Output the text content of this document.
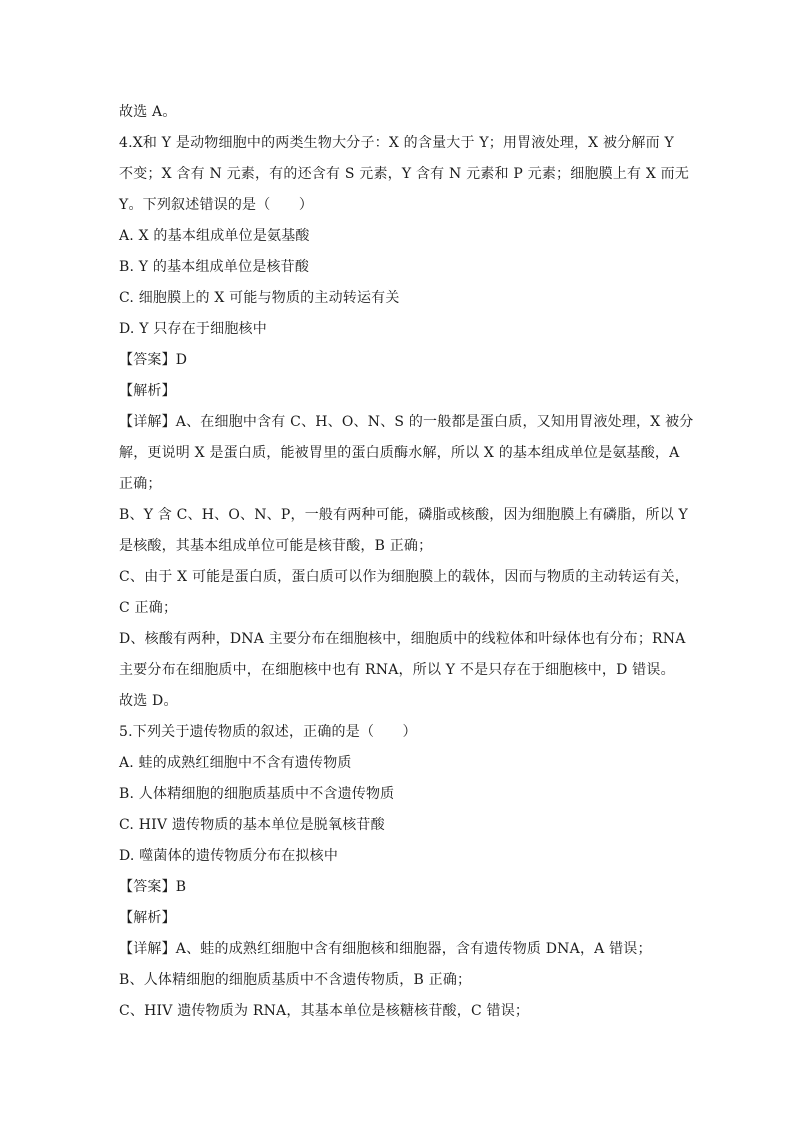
故选 A。
4.X和 Y 是动物细胞中的两类生物大分子：X 的含量大于 Y；用胃液处理，X 被分解而 Y
不变；X 含有 N 元素，有的还含有 S 元素，Y 含有 N 元素和 P 元素；细胞膜上有 X 而无
Y。下列叙述错误的是（　　）
A. X 的基本组成单位是氨基酸
B. Y 的基本组成单位是核苷酸
C. 细胞膜上的 X 可能与物质的主动转运有关
D. Y 只存在于细胞核中
【答案】D
【解析】
【详解】A、在细胞中含有 C、H、O、N、S 的一般都是蛋白质，又知用胃液处理，X 被分
解，更说明 X 是蛋白质，能被胃里的蛋白质酶水解，所以 X 的基本组成单位是氨基酸，A
正确；
B、Y 含 C、H、O、N、P，一般有两种可能，磷脂或核酸，因为细胞膜上有磷脂，所以 Y
是核酸，其基本组成单位可能是核苷酸，B 正确；
C、由于 X 可能是蛋白质，蛋白质可以作为细胞膜上的载体，因而与物质的主动转运有关，
C 正确；
D、核酸有两种，DNA 主要分布在细胞核中，细胞质中的线粒体和叶绿体也有分布；RNA
主要分布在细胞质中，在细胞核中也有 RNA，所以 Y 不是只存在于细胞核中，D 错误。
故选 D。
5.下列关于遗传物质的叙述，正确的是（　　）
A. 蛙的成熟红细胞中不含有遗传物质
B. 人体精细胞的细胞质基质中不含遗传物质
C. HIV 遗传物质的基本单位是脱氧核苷酸
D. 噬菌体的遗传物质分布在拟核中
【答案】B
【解析】
【详解】A、蛙的成熟红细胞中含有细胞核和细胞器，含有遗传物质 DNA，A 错误；
B、人体精细胞的细胞质基质中不含遗传物质，B 正确；
C、HIV 遗传物质为 RNA，其基本单位是核糖核苷酸，C 错误；
